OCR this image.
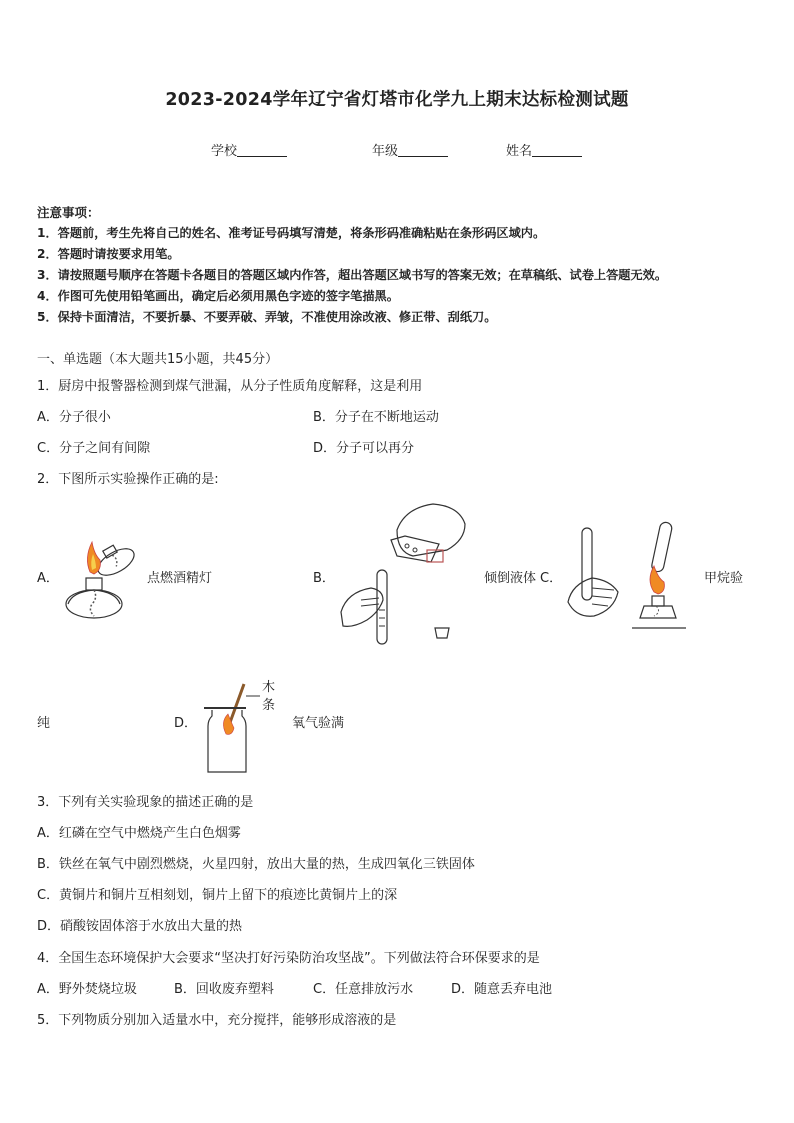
2023-2024学年辽宁省灯塔市化学九上期末达标检测试题
学校	年级	姓名
注意事项：
1．答题前，考生先将自己的姓名、准考证号码填写清楚，将条形码准确粘贴在条形码区域内。
2．答题时请按要求用笔。
3．请按照题号顺序在答题卡各题目的答题区域内作答，超出答题区域书写的答案无效；在草稿纸、试卷上答题无效。
4．作图可先使用铅笔画出，确定后必须用黑色字迹的签字笔描黑。
5．保持卡面清洁，不要折暴、不要弄破、弄皱，不准使用涂改液、修正带、刮纸刀。
一、单选题（本大题共15小题，共45分）
1．厨房中报警器检测到煤气泄漏，从分子性质角度解释，这是利用
A．分子很小	B．分子在不断地运动
C．分子之间有间隙	D．分子可以再分
2．下图所示实验操作正确的是:
A．	点燃酒精灯	B．	倾倒液体 C．	甲烷验
纯	D．
木
条
氧气验满
3．下列有关实验现象的描述正确的是
A．红磷在空气中燃烧产生白色烟雾
B．铁丝在氧气中剧烈燃烧，火星四射，放出大量的热，生成四氧化三铁固体
C．黄铜片和铜片互相刻划，铜片上留下的痕迹比黄铜片上的深
D．硝酸铵固体溶于水放出大量的热
4．全国生态环境保护大会要求“坚决打好污染防治攻坚战”。下列做法符合环保要求的是
A．野外焚烧垃圾	B．回收废弃塑料	C．任意排放污水	D．随意丢弃电池
5．下列物质分别加入适量水中，充分搅拌，能够形成溶液的是
